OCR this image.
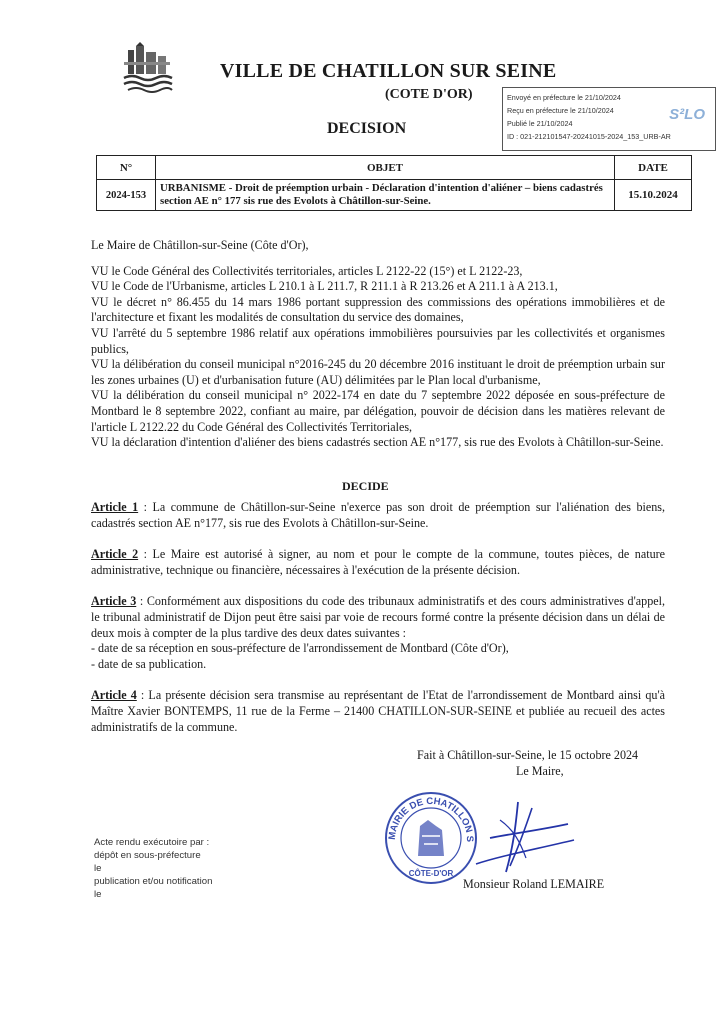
VILLE DE CHATILLON SUR SEINE
(COTE D'OR)
DECISION
Envoyé en préfecture le 21/10/2024
Reçu en préfecture le 21/10/2024
Publié le 21/10/2024
ID : 021-212101547-20241015-2024_153_URB-AR
S²LO
N°	OBJET	DATE
2024-153	URBANISME - Droit de préemption urbain - Déclaration d'intention d'aliéner – biens cadastrés section AE n° 177 sis rue des Evolots à Châtillon-sur-Seine.	15.10.2024

Le Maire de Châtillon-sur-Seine (Côte d'Or),

VU le Code Général des Collectivités territoriales, articles L 2122-22 (15°) et L 2122-23,

VU le Code de l'Urbanisme, articles L 210.1 à L 211.7, R 211.1 à R 213.26 et A 211.1 à A 213.1,

VU le décret n° 86.455 du 14 mars 1986 portant suppression des commissions des opérations immobilières et de l'architecture et fixant les modalités de consultation du service des domaines,

VU l'arrêté du 5 septembre 1986 relatif aux opérations immobilières poursuivies par les collectivités et organismes publics,

VU la délibération du conseil municipal n°2016-245 du 20 décembre 2016 instituant le droit de préemption urbain sur les zones urbaines (U) et d'urbanisation future (AU) délimitées par le Plan local d'urbanisme,

VU la délibération du conseil municipal n° 2022-174 en date du 7 septembre 2022 déposée en sous-préfecture de Montbard le 8 septembre 2022, confiant au maire, par délégation, pouvoir de décision dans les matières relevant de l'article L 2122.22 du Code Général des Collectivités Territoriales,

VU la déclaration d'intention d'aliéner des biens cadastrés section AE n°177, sis rue des Evolots à Châtillon-sur-Seine.

DECIDE

Article 1 : La commune de Châtillon-sur-Seine n'exerce pas son droit de préemption sur l'aliénation des biens, cadastrés section AE n°177, sis rue des Evolots à Châtillon-sur-Seine.

Article 2 : Le Maire est autorisé à signer, au nom et pour le compte de la commune, toutes pièces, de nature administrative, technique ou financière, nécessaires à l'exécution de la présente décision.

Article 3 : Conformément aux dispositions du code des tribunaux administratifs et des cours administratives d'appel, le tribunal administratif de Dijon peut être saisi par voie de recours formé contre la présente décision dans un délai de deux mois à compter de la plus tardive des deux dates suivantes :
- date de sa réception en sous-préfecture de l'arrondissement de Montbard (Côte d'Or),
- date de sa publication.

Article 4 : La présente décision sera transmise au représentant de l'Etat de l'arrondissement de Montbard ainsi qu'à Maître Xavier BONTEMPS, 11 rue de la Ferme – 21400 CHATILLON-SUR-SEINE et publiée au recueil des actes administratifs de la commune.

Fait à Châtillon-sur-Seine, le 15 octobre 2024
Le Maire,
MAIRIE DE CHATILLON S
CÔTE-D'OR
Monsieur Roland LEMAIRE
Acte rendu exécutoire par :
dépôt en sous-préfecture
le
publication et/ou notification
le
